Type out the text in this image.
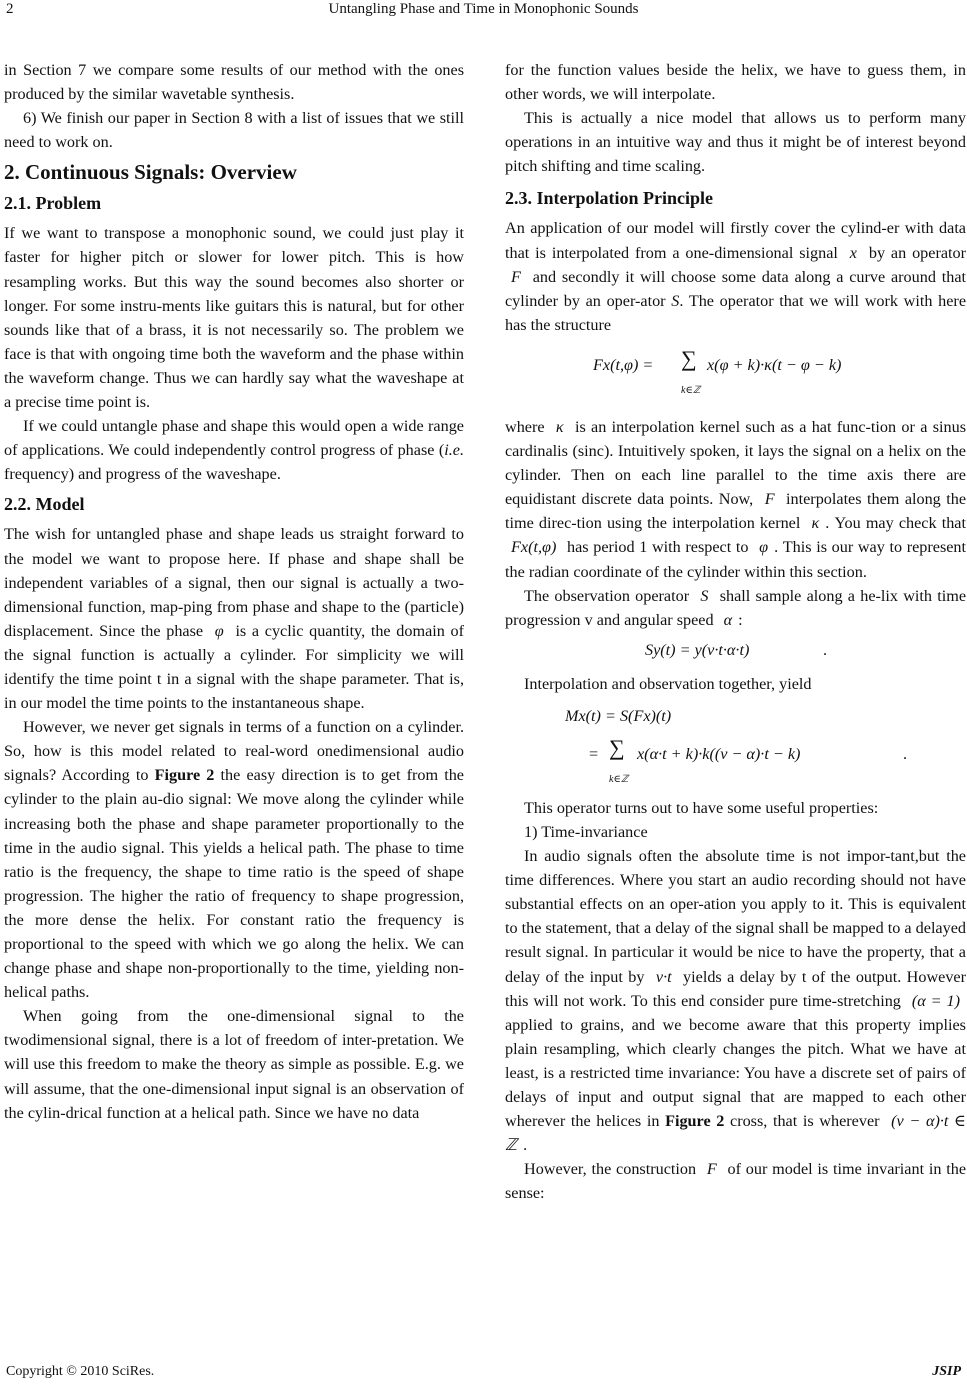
2	Untangling Phase and Time in Monophonic Sounds

in Section 7 we compare some results of our method with the ones produced by the similar wavetable synthesis.

6) We finish our paper in Section 8 with a list of issues that we still need to work on.

2. Continuous Signals: Overview
2.1. Problem

If we want to transpose a monophonic sound, we could just play it faster for higher pitch or slower for lower pitch. This is how resampling works. But this way the sound becomes also shorter or longer. For some instru-ments like guitars this is natural, but for other sounds like that of a brass, it is not necessarily so. The problem we face is that with ongoing time both the waveform and the phase within the waveform change. Thus we can hardly say what the waveshape at a precise time point is.

If we could untangle phase and shape this would open a wide range of applications. We could independently control progress of phase (i.e. frequency) and progress of the waveshape.

2.2. Model

The wish for untangled phase and shape leads us straight forward to the model we want to propose here. If phase and shape shall be independent variables of a signal, then our signal is actually a two-dimensional function, map-ping from phase and shape to the (particle) displacement. Since the phase φ is a cyclic quantity, the domain of the signal function is actually a cylinder. For simplicity we will identify the time point t in a signal with the shape parameter. That is, in our model the time points to the instantaneous shape.

However, we never get signals in terms of a function on a cylinder. So, how is this model related to real-word onedimensional audio signals? According to Figure 2 the easy direction is to get from the cylinder to the plain au-dio signal: We move along the cylinder while increasing both the phase and shape parameter proportionally to the time in the audio signal. This yields a helical path. The phase to time ratio is the frequency, the shape to time ratio is the speed of shape progression. The higher the ratio of frequency to shape progression, the more dense the helix. For constant ratio the frequency is proportional to the speed with which we go along the helix. We can change phase and shape non-proportionally to the time, yielding non-helical paths.

When going from the one-dimensional signal to the twodimensional signal, there is a lot of freedom of inter-pretation. We will use this freedom to make the theory as simple as possible. E.g. we will assume, that the one-dimensional input signal is an observation of the cylin-drical function at a helical path. Since we have no data

for the function values beside the helix, we have to guess them, in other words, we will interpolate.

This is actually a nice model that allows us to perform many operations in an intuitive way and thus it might be of interest beyond pitch shifting and time scaling.

2.3. Interpolation Principle

An application of our model will firstly cover the cylind-er with data that is interpolated from a one-dimensional signal x by an operator F and secondly it will choose some data along a curve around that cylinder by an oper-ator S. The operator that we will work with here has the structure

Fx(t,φ) = ∑
k∈ℤ
x(φ + k)·κ(t − φ − k)

where κ is an interpolation kernel such as a hat func-tion or a sinus cardinalis (sinc). Intuitively spoken, it lays the signal on a helix on the cylinder. Then on each line parallel to the time axis there are equidistant discrete data points. Now, F interpolates them along the time direc-tion using the interpolation kernel κ . You may check that Fx(t,φ) has period 1 with respect to φ . This is our way to represent the radian coordinate of the cylinder within this section.

The observation operator S shall sample along a he-lix with time progression v and angular speed α :

Sy(t) = y(v·t·α·t)	.

Interpolation and observation together, yield

Mx(t) = S(Fx)(t)
= ∑
k∈ℤ
x(α·t + k)·k((v − α)·t − k)	.

This operator turns out to have some useful properties:

1) Time-invariance

In audio signals often the absolute time is not impor-tant,but the time differences. Where you start an audio recording should not have substantial effects on an oper-ation you apply to it. This is equivalent to the statement, that a delay of the signal shall be mapped to a delayed result signal. In particular it would be nice to have the property, that a delay of the input by v·t yields a delay by t of the output. However this will not work. To this end consider pure time-stretching (α = 1) applied to grains, and we become aware that this property implies plain resampling, which clearly changes the pitch. What we have at least, is a restricted time invariance: You have a discrete set of pairs of delays of input and output signal that are mapped to each other wherever the helices in Figure 2 cross, that is wherever (v − α)·t ∈ ℤ .

However, the construction F of our model is time invariant in the sense:

Copyright © 2010 SciRes.	JSIP
